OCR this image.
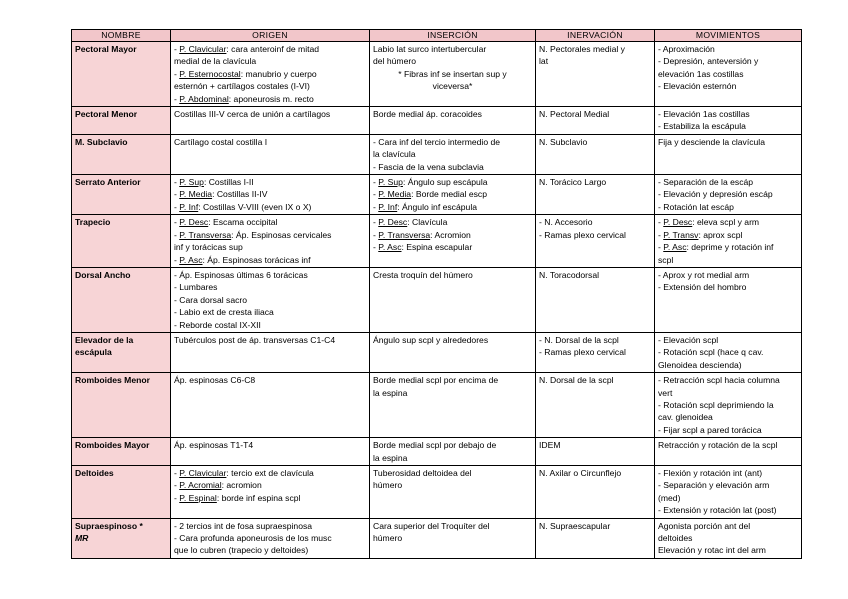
NOMBRE	ORIGEN	INSERCIÓN	INERVACIÓN	MOVIMIENTOS
Pectoral Mayor	- P. Clavicular: cara anteroinf de mitad
medial de la clavícula
- P. Esternocostal: manubrio y cuerpo
esternón + cartílagos costales (I-VI)
- P. Abdominal: aponeurosis m. recto	Labio lat surco intertubercular
del húmero
* Fibras inf se insertan sup y
viceversa*	N. Pectorales medial y
lat	- Aproximación
- Depresión, anteversión y
elevación 1as costillas
- Elevación esternón

Pectoral Menor	Costillas III-V cerca de unión a cartílagos	Borde medial áp. coracoides	N. Pectoral Medial	- Elevación 1as costillas
- Estabiliza la escápula

M. Subclavio	Cartílago costal costilla I	- Cara inf del tercio intermedio de
la clavícula
- Fascia de la vena subclavia	N. Subclavio	Fija y desciende la clavícula

Serrato Anterior	- P. Sup: Costillas I-II
- P. Media: Costillas II-IV
- P. Inf: Costillas V-VIII (even IX o X)	- P. Sup: Ángulo sup escápula
- P. Media: Borde medial escp
- P. Inf: Ángulo inf escápula	N. Torácico Largo	- Separación de la escáp
- Elevación y depresión escáp
- Rotación lat escáp

Trapecio	- P. Desc: Escama occipital
- P. Transversa: Áp. Espinosas cervicales
inf y torácicas sup
- P. Asc: Áp. Espinosas torácicas inf	- P. Desc: Clavícula
- P. Transversa: Acromion
- P. Asc: Espina escapular	- N. Accesorio
- Ramas plexo cervical	- P. Desc: eleva scpl y arm
- P. Transv: aprox scpl
- P. Asc: deprime y rotación inf
scpl

Dorsal Ancho	- Áp. Espinosas últimas 6 torácicas
- Lumbares
- Cara dorsal sacro
- Labio ext de cresta iliaca
- Reborde costal IX-XII	Cresta troquín del húmero	N. Toracodorsal	- Aprox y rot medial arm
- Extensión del hombro

Elevador de la escápula	Tubérculos post de áp. transversas C1-C4	Ángulo sup scpl y alrededores	- N. Dorsal de la scpl
- Ramas plexo cervical	- Elevación scpl
- Rotación scpl (hace q cav.
Glenoidea descienda)

Romboides Menor	Áp. espinosas C6-C8	Borde medial scpl por encima de
la espina	N. Dorsal de la scpl	- Retracción scpl hacia columna
vert
- Rotación scpl deprimiendo la
cav. glenoidea
- Fijar scpl a pared torácica

Romboides Mayor	Áp. espinosas T1-T4	Borde medial scpl por debajo de
la espina	IDEM	Retracción y rotación de la scpl

Deltoides	- P. Clavicular: tercio ext de clavícula
- P. Acromial: acromion
- P. Espinal: borde inf espina scpl	Tuberosidad deltoidea del
húmero	N. Axilar o Circunflejo	- Flexión y rotación int (ant)
- Separación y elevación arm
(med)
- Extensión y rotación lat (post)

Supraespinoso *
MR	- 2 tercios int de fosa supraespinosa
- Cara profunda aponeurosis de los musc
que lo cubren (trapecio y deltoides)	Cara superior del Troquíter del
húmero	N. Supraescapular	Agonista porción ant del
deltoides
Elevación y rotac int del arm
